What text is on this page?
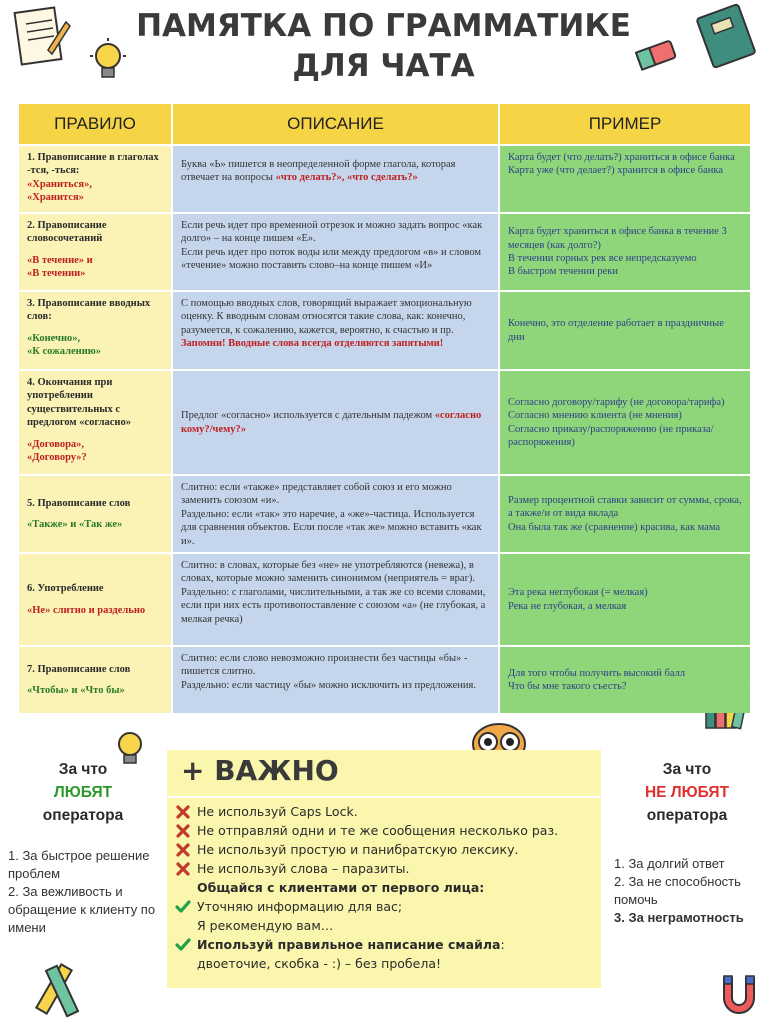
ПАМЯТКА ПО ГРАММАТИКЕ
ДЛЯ ЧАТА
ПРАВИЛО	ОПИСАНИЕ	ПРИМЕР
1. Правописание в глаголах -тся, -ться:
«Храниться»,
«Хранится»
Буква «Ь» пишется в неопределенной форме глагола, которая отвечает на вопросы «что делать?», «что сделать?»
Карта будет (что делать?) храниться в офисе банка
Карта уже (что делает?) хранится в офисе банка
2. Правописание словосочетаний
«В течение» и
«В течении»
Если речь идет про временной отрезок и можно задать вопрос «как долго» – на конце пишем «Е».
Если речь идет про поток воды или между предлогом «в» и словом «течение» можно поставить слово–на конце пишем «И»
Карта будет храниться в офисе банка в течение 3 месяцев (как долго?)
В течении горных рек все непредсказуемо
В быстром течении реки
3. Правописание вводных слов:
«Конечно»,
«К сожалению»
С помощью вводных слов, говорящий выражает эмоциональную оценку. К вводным словам относятся такие слова, как: конечно, разумеется, к сожалению, кажется, вероятно, к счастью и пр.
Запомни! Вводные слова всегда отделяются запятыми!
Конечно, это отделение работает в праздничные дни
4. Окончания при употреблении существительных с предлогом «согласно»
«Договора»,
«Договору»?
Предлог «согласно» используется с дательным падежом «согласно кому?/чему?»
Согласно договору/тарифу (не договора/тарифа)
Согласно мнению клиента (не мнения)
Согласно приказу/распоряжению (не приказа/распоряжения)
5. Правописание слов
«Также» и «Так же»
Слитно: если «также» представляет собой союз и его можно заменить союзом «и».
Раздельно: если «так» это наречие, а «же»-частица. Используется для сравнения объектов. Если после «так же» можно вставить «как и».
Размер процентной ставки зависит от суммы, срока, а также/и от вида вклада
Она была так же (сравнение) красива, как мама
6. Употребление
«Не» слитно и раздельно
Слитно: в словах, которые без «не» не употребляются (невежа), в словах, которые можно заменить синонимом (неприятель = враг).
Раздельно: с глаголами, числительными, а так же со всеми словами, если при них есть противопоставление с союзом «а» (не глубокая, а мелкая речка)
Эта река неглубокая (= мелкая)
Река не глубокая, а мелкая
7. Правописание слов
«Чтобы» и «Что бы»
Слитно: если слово невозможно произнести без частицы «бы» - пишется слитно.
Раздельно: если частицу «бы» можно исключить из предложения.
Для того чтобы получить высокий балл
Что бы мне такого съесть?
За что
ЛЮБЯТ
оператора
1. За быстрое решение проблем
2. За вежливость и обращение к клиенту по имени
За что
НЕ ЛЮБЯТ
оператора
1. За долгий ответ
2. За не способность помочь
3. За неграмотность
+ ВАЖНО
Не используй Caps Lock.
Не отправляй одни и те же сообщения несколько раз.
Не используй простую и панибратскую лексику.
Не используй слова – паразиты.
Общайся с клиентами от первого лица:
Уточняю информацию для вас;
Я рекомендую вам…
Используй правильное написание смайла:
двоеточие, скобка - :) – без пробела!
